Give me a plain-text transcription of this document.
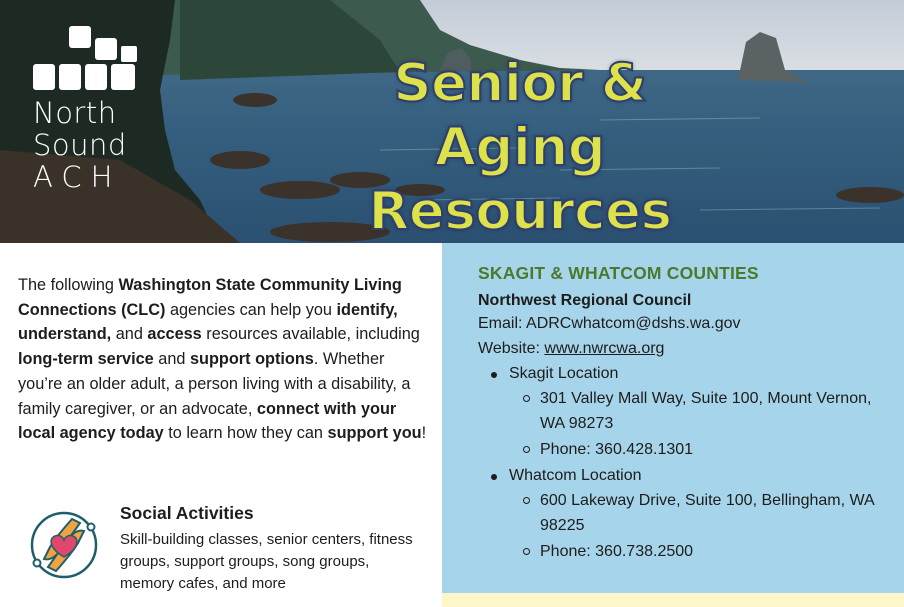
North
Sound
ACH
Senior & Aging
Resources
The following Washington State Community Living Connections (CLC) agencies can help you identify, understand, and access resources available, including long-term service and support options. Whether you’re an older adult, a person living with a disability, a family caregiver, or an advocate, connect with your local agency today to learn how they can support you!
Social Activities
Skill-building classes, senior centers, fitness groups, support groups, song groups, memory cafes, and more
SKAGIT & WHATCOM COUNTIES
Northwest Regional Council
Email: ADRCwhatcom@dshs.wa.gov
Website: www.nwrcwa.org
Skagit Location
301 Valley Mall Way, Suite 100, Mount Vernon, WA 98273
Phone: 360.428.1301
Whatcom Location
600 Lakeway Drive, Suite 100, Bellingham, WA 98225
Phone: 360.738.2500
